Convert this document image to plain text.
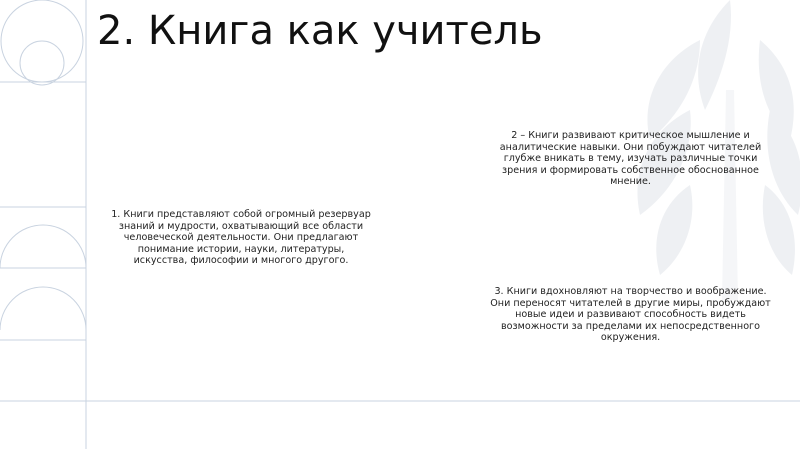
2. Книга как учитель

1. Книги представляют собой огромный резервуар знаний и мудрости, охватывающий все области человеческой деятельности. Они предлагают понимание истории, науки, литературы, искусства, философии и многого другого.

2 – Книги развивают критическое мышление и аналитические навыки. Они побуждают читателей глубже вникать в тему, изучать различные точки зрения и формировать собственное обоснованное мнение.

3. Книги вдохновляют на творчество и воображение. Они переносят читателей в другие миры, пробуждают новые идеи и развивают способность видеть возможности за пределами их непосредственного окружения.
